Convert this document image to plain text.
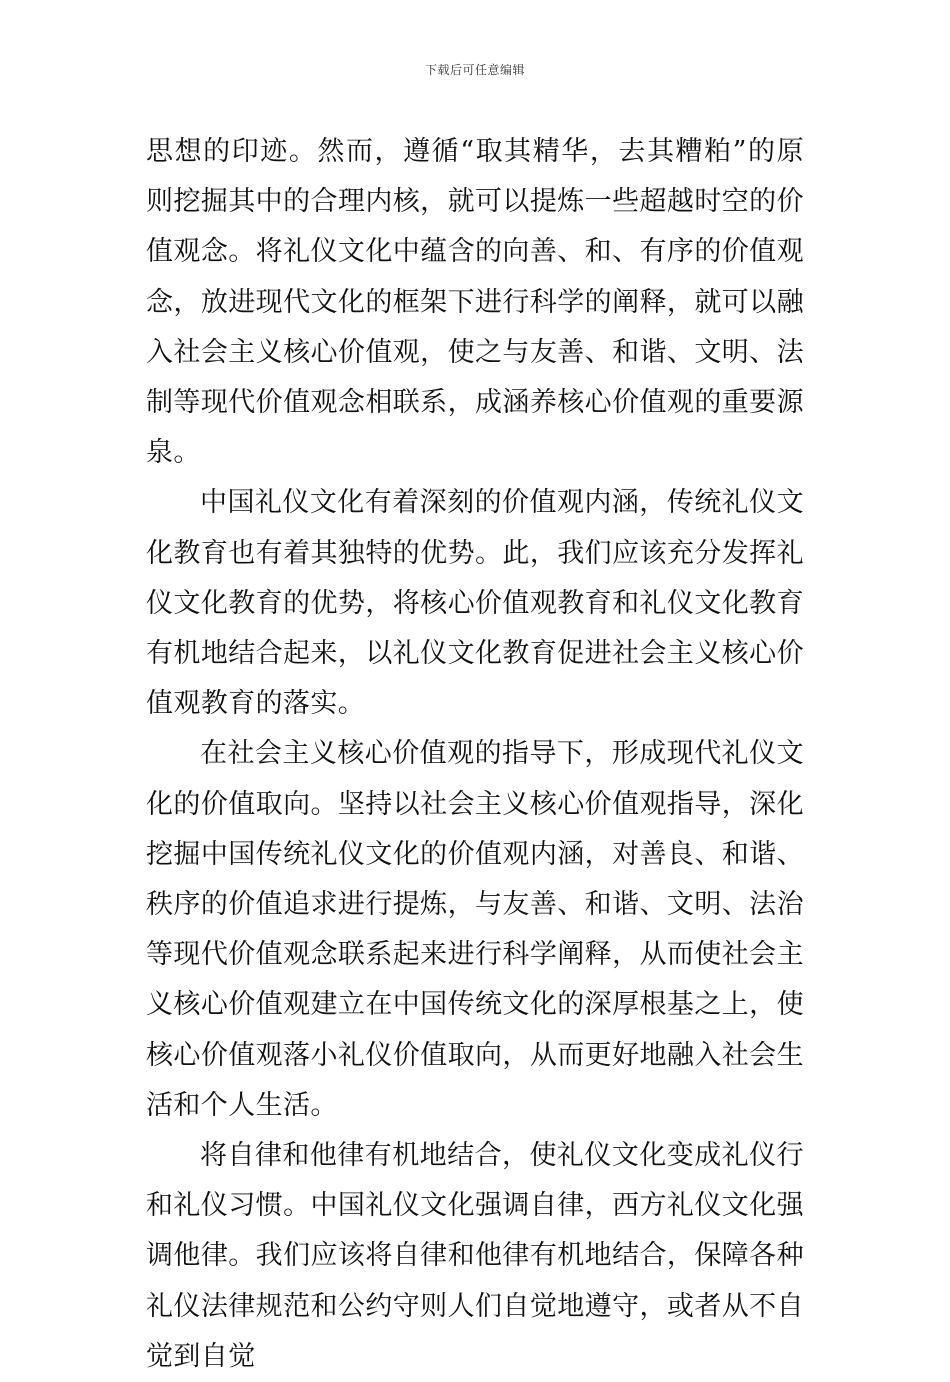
下载后可任意编辑

思想的印迹。然而，遵循“取其精华，去其糟粕”的原则挖掘其中的合理内核，就可以提炼一些超越时空的价值观念。将礼仪文化中蕴含的向善、和、有序的价值观念，放进现代文化的框架下进行科学的阐释，就可以融入社会主义核心价值观，使之与友善、和谐、文明、法制等现代价值观念相联系，成涵养核心价值观的重要源泉。

中国礼仪文化有着深刻的价值观内涵，传统礼仪文化教育也有着其独特的优势。此，我们应该充分发挥礼仪文化教育的优势，将核心价值观教育和礼仪文化教育有机地结合起来，以礼仪文化教育促进社会主义核心价值观教育的落实。

在社会主义核心价值观的指导下，形成现代礼仪文化的价值取向。坚持以社会主义核心价值观指导，深化挖掘中国传统礼仪文化的价值观内涵，对善良、和谐、秩序的价值追求进行提炼，与友善、和谐、文明、法治等现代价值观念联系起来进行科学阐释，从而使社会主义核心价值观建立在中国传统文化的深厚根基之上，使核心价值观落小礼仪价值取向，从而更好地融入社会生活和个人生活。

将自律和他律有机地结合，使礼仪文化变成礼仪行和礼仪习惯。中国礼仪文化强调自律，西方礼仪文化强调他律。我们应该将自律和他律有机地结合，保障各种礼仪法律规范和公约守则人们自觉地遵守，或者从不自觉到自觉
